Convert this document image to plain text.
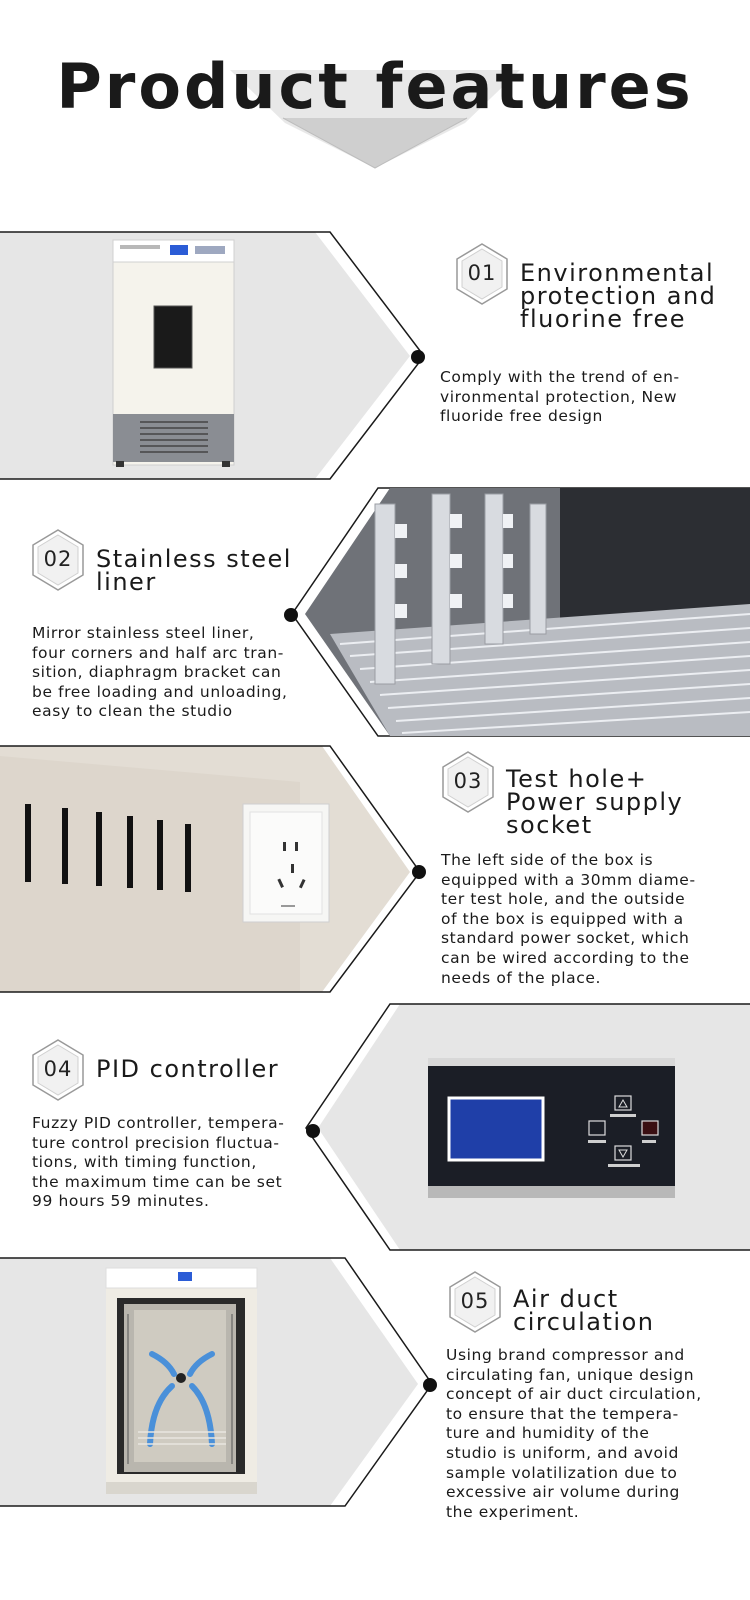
Product features
01 Environmental
protection and
fluorine free
Comply with the trend of en-
vironmental protection, New
fluoride free design
02 Stainless steel
liner
Mirror stainless steel liner,
four corners and half arc tran-
sition, diaphragm bracket can
be free loading and unloading,
easy to clean the studio
03 Test hole+
Power supply
socket
The left side of the box is
equipped with a 30mm diame-
ter test hole, and the outside
of the box is equipped with a
standard power socket, which
can be wired according to the
needs of the place.
04 PID controller
Fuzzy PID controller, tempera-
ture control precision fluctua-
tions, with timing function,
the maximum time can be set
99 hours 59 minutes.
05 Air duct
circulation
Using brand compressor and
circulating fan, unique design
concept of air duct circulation,
to ensure that the tempera-
ture and humidity of the
studio is uniform, and avoid
sample volatilization due to
excessive air volume during
the experiment.
